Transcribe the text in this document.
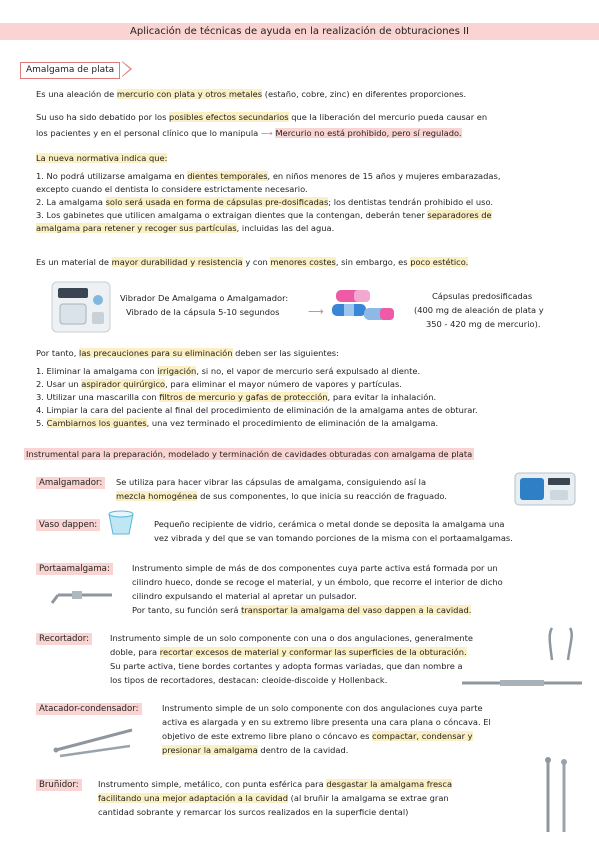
Aplicación de técnicas de ayuda en la realización de obturaciones II
Amalgama de plata
Es una aleación de mercurio con plata y otros metales (estaño, cobre, zinc) en diferentes proporciones.
Su uso ha sido debatido por los posibles efectos secundarios que la liberación del mercurio pueda causar en
los pacientes y en el personal clínico que lo manipula ⟶ Mercurio no está prohibido, pero sí regulado.
La nueva normativa indica que:
1. No podrá utilizarse amalgama en dientes temporales, en niños menores de 15 años y mujeres embarazadas,
excepto cuando el dentista lo considere estrictamente necesario.
2. La amalgama solo será usada en forma de cápsulas pre-dosificadas; los dentistas tendrán prohibido el uso.
3. Los gabinetes que utilicen amalgama o extraigan dientes que la contengan, deberán tener separadores de
amalgama para retener y recoger sus partículas, incluidas las del agua.
Es un material de mayor durabilidad y resistencia y con menores costes, sin embargo, es poco estético.
Vibrador De Amalgama o Amalgamador:
Vibrado de la cápsula 5-10 segundos	⟶
Cápsulas predosificadas
(400 mg de aleación de plata y
350 - 420 mg de mercurio).
Por tanto, las precauciones para su eliminación deben ser las siguientes:
1. Eliminar la amalgama con irrigación, si no, el vapor de mercurio será expulsado al diente.
2. Usar un aspirador quirúrgico, para eliminar el mayor número de vapores y partículas.
3. Utilizar una mascarilla con filtros de mercurio y gafas de protección, para evitar la inhalación.
4. Limpiar la cara del paciente al final del procedimiento de eliminación de la amalgama antes de obturar.
5. Cambiarnos los guantes, una vez terminado el procedimiento de eliminación de la amalgama.
Instrumental para la preparación, modelado y terminación de cavidades obturadas con amalgama de plata
Amalgamador:	Se utiliza para hacer vibrar las cápsulas de amalgama, consiguiendo así la
mezcla homogénea de sus componentes, lo que inicia su reacción de fraguado.
Vaso dappen:	Pequeño recipiente de vidrio, cerámica o metal donde se deposita la amalgama una
vez vibrada y del que se van tomando porciones de la misma con el portaamalgamas.
Portaamalgama:	Instrumento simple de más de dos componentes cuya parte activa está formada por un
cilindro hueco, donde se recoge el material, y un émbolo, que recorre el interior de dicho
cilindro expulsando el material al apretar un pulsador.
Por tanto, su función será transportar la amalgama del vaso dappen a la cavidad.
Recortador:	Instrumento simple de un solo componente con una o dos angulaciones, generalmente
doble, para recortar excesos de material y conformar las superficies de la obturación.
Su parte activa, tiene bordes cortantes y adopta formas variadas, que dan nombre a
los tipos de recortadores, destacan: cleoide-discoide y Hollenback.
Atacador-condensador:	Instrumento simple de un solo componente con dos angulaciones cuya parte
activa es alargada y en su extremo libre presenta una cara plana o cóncava. El
objetivo de este extremo libre plano o cóncavo es compactar, condensar y
presionar la amalgama dentro de la cavidad.
Bruñidor:	Instrumento simple, metálico, con punta esférica para desgastar la amalgama fresca
facilitando una mejor adaptación a la cavidad (al bruñir la amalgama se extrae gran
cantidad sobrante y remarcar los surcos realizados en la superficie dental)
